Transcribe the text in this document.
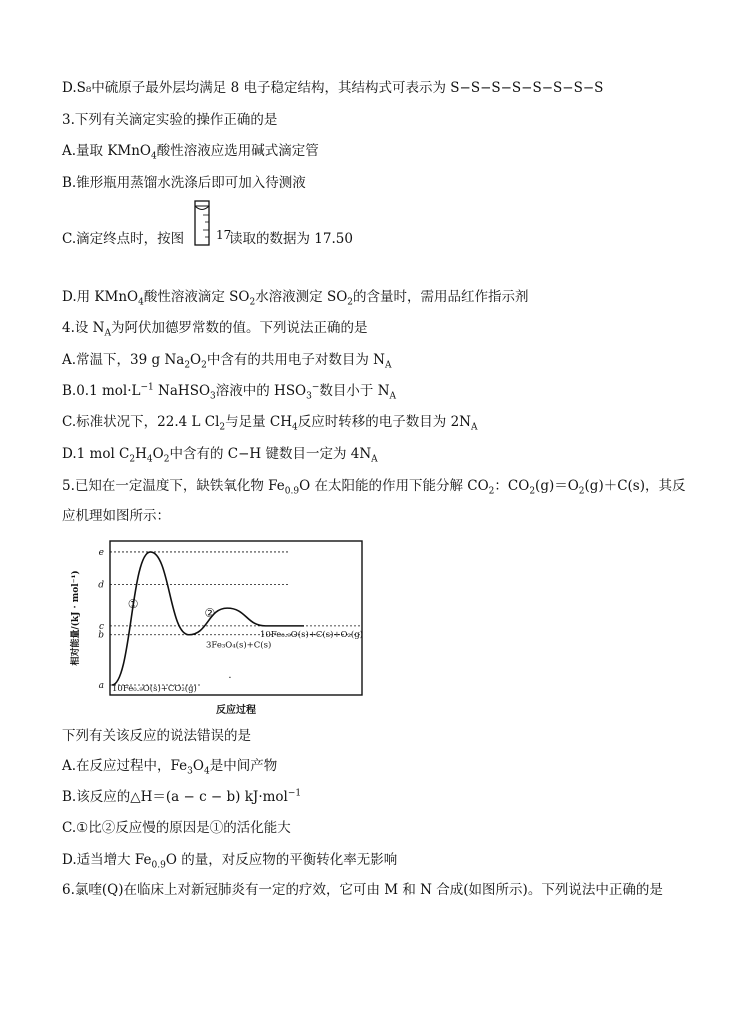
D.S₈中硫原子最外层均满足 8 电子稳定结构，其结构式可表示为 S−S−S−S−S−S−S−S
3.下列有关滴定实验的操作正确的是
A.量取 KMnO$_4$酸性溶液应选用碱式滴定管
B.锥形瓶用蒸馏水洗涤后即可加入待测液
C.滴定终点时，按图	17
读取的数据为 17.50
D.用 KMnO$_4$酸性溶液滴定 $SO_2$水溶液测定 $SO_2$的含量时，需用品红作指示剂
4.设 $N_A$为阿伏加德罗常数的值。下列说法正确的是
A.常温下，39 g $Na_2O_2$中含有的共用电子对数目为 $N_A$
B.0.1 $mol\cdot L^{-1}$ NaHSO$_3$溶液中的 $HSO_3^-$数目小于 $N_A$
C.标准状况下，22.4 L $Cl_2$与足量 $CH_4$反应时转移的电子数目为 $2N_A$
D.1 mol $C_2H_4O_2$中含有的 C−H 键数目一定为 $4N_A$
5.已知在一定温度下，缺铁氧化物 $Fe_{0.9}O$ 在太阳能的作用下能分解 $CO_2$：$CO_2(g)=O_2(g)+C(s)$，其反
应机理如图所示：
a
b
c
d
e
①
②
10Fe₀.₉O(s)+CO₂(g)
3Fe₃O₄(s)+C(s)
10Fe₀.₉O(s)+C(s)+O₂(g)
·
反应过程
相对能量/(kJ · mol⁻¹)
下列有关该反应的说法错误的是
A.在反应过程中，$Fe_3O_4$是中间产物
B.该反应的△H＝(a − c − b) kJ·mol$^{-1}$
C.①比②反应慢的原因是①的活化能大
D.适当增大 $Fe_{0.9}O$ 的量，对反应物的平衡转化率无影响
6.氯喹(Q)在临床上对新冠肺炎有一定的疗效，它可由 M 和 N 合成(如图所示)。下列说法中正确的是
